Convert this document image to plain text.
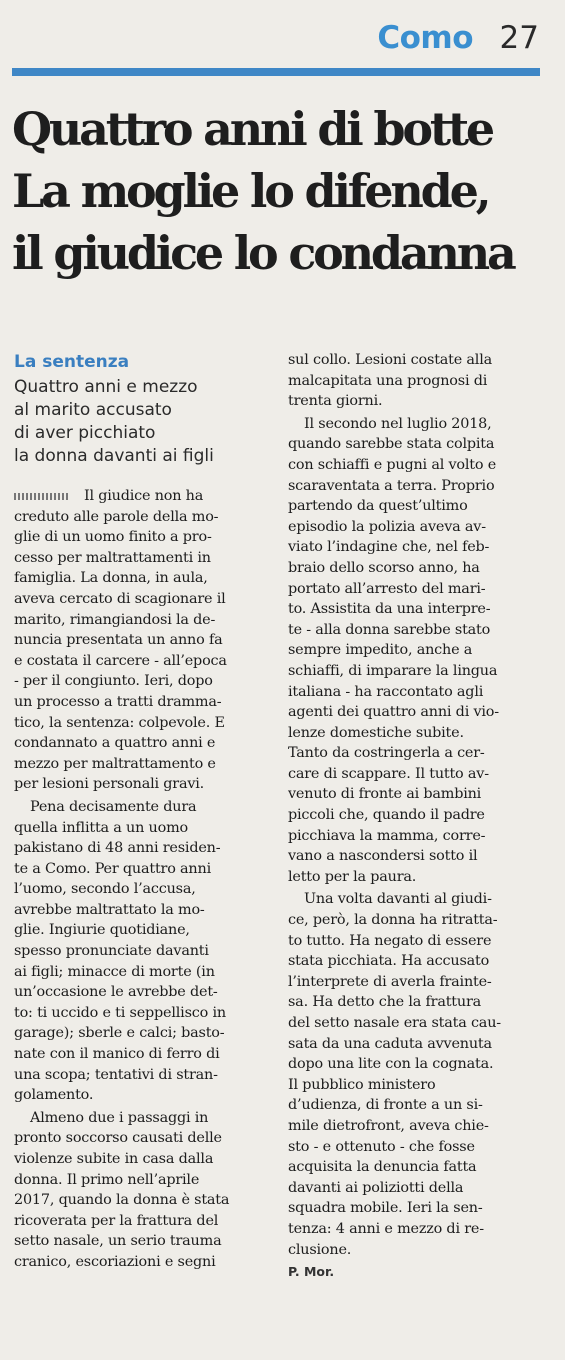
Como 27
Quattro anni di botte
La moglie lo difende,
il giudice lo condanna
La sentenza
Quattro anni e mezzo
al marito accusato
di aver picchiato
la donna davanti ai figli
Il giudice non ha
creduto alle parole della mo-
glie di un uomo finito a pro-
cesso per maltrattamenti in
famiglia. La donna, in aula,
aveva cercato di scagionare il
marito, rimangiandosi la de-
nuncia presentata un anno fa
e costata il carcere - all’epoca
- per il congiunto. Ieri, dopo
un processo a tratti dramma-
tico, la sentenza: colpevole. E
condannato a quattro anni e
mezzo per maltrattamento e
per lesioni personali gravi.
Pena decisamente dura
quella inflitta a un uomo
pakistano di 48 anni residen-
te a Como. Per quattro anni
l’uomo, secondo l’accusa,
avrebbe maltrattato la mo-
glie. Ingiurie quotidiane,
spesso pronunciate davanti
ai figli; minacce di morte (in
un’occasione le avrebbe det-
to: ti uccido e ti seppellisco in
garage); sberle e calci; basto-
nate con il manico di ferro di
una scopa; tentativi di stran-
golamento.
Almeno due i passaggi in
pronto soccorso causati delle
violenze subite in casa dalla
donna. Il primo nell’aprile
2017, quando la donna è stata
ricoverata per la frattura del
setto nasale, un serio trauma
cranico, escoriazioni e segni
sul collo. Lesioni costate alla
malcapitata una prognosi di
trenta giorni.
Il secondo nel luglio 2018,
quando sarebbe stata colpita
con schiaffi e pugni al volto e
scaraventata a terra. Proprio
partendo da quest’ultimo
episodio la polizia aveva av-
viato l’indagine che, nel feb-
braio dello scorso anno, ha
portato all’arresto del mari-
to. Assistita da una interpre-
te - alla donna sarebbe stato
sempre impedito, anche a
schiaffi, di imparare la lingua
italiana - ha raccontato agli
agenti dei quattro anni di vio-
lenze domestiche subite.
Tanto da costringerla a cer-
care di scappare. Il tutto av-
venuto di fronte ai bambini
piccoli che, quando il padre
picchiava la mamma, corre-
vano a nascondersi sotto il
letto per la paura.
Una volta davanti al giudi-
ce, però, la donna ha ritratta-
to tutto. Ha negato di essere
stata picchiata. Ha accusato
l’interprete di averla frainte-
sa. Ha detto che la frattura
del setto nasale era stata cau-
sata da una caduta avvenuta
dopo una lite con la cognata.
Il pubblico ministero
d’udienza, di fronte a un si-
mile dietrofront, aveva chie-
sto - e ottenuto - che fosse
acquisita la denuncia fatta
davanti ai poliziotti della
squadra mobile. Ieri la sen-
tenza: 4 anni e mezzo di re-
clusione.
P. Mor.
